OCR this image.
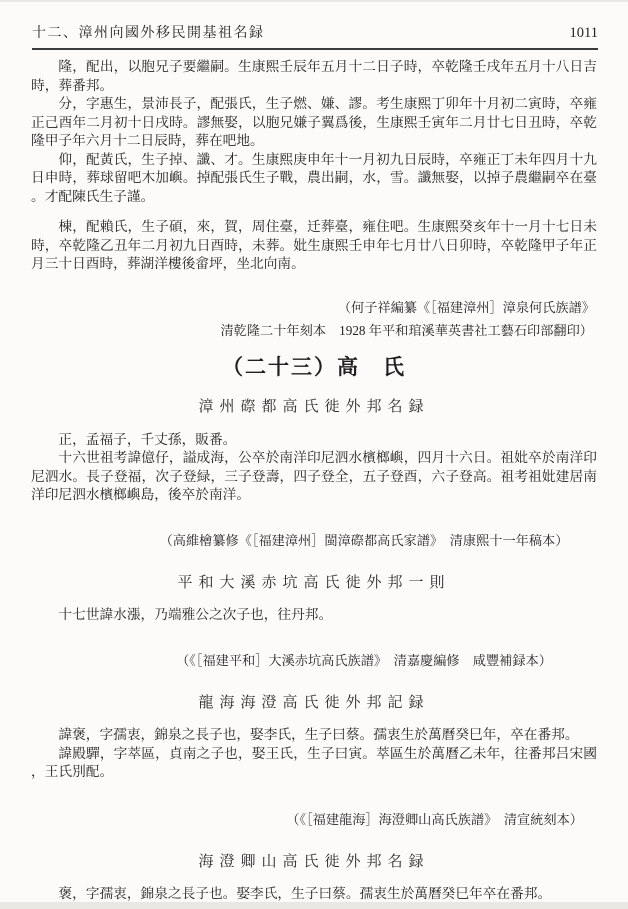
十二、漳州向國外移民開基祖名録	1011
隆，配出，以胞兄子要繼嗣。生康熙壬辰年五月十二日子時，卒乾隆壬戌年五月十八日吉時，葬番邦。
分，字惠生，景沛長子，配張氏，生子燃、嫌、謬。考生康熙丁卯年十月初二寅時，卒雍正己酉年二月初十日戌時。謬無娶，以胞兄嫌子翼爲後，生康熙壬寅年二月廿七日丑時，卒乾隆甲子年六月十二日辰時，葬在吧地。
仰，配黃氏，生子掉、讖、才。生康熙庚申年十一月初九日辰時，卒雍正丁未年四月十九日申時，葬球留吧木加嶼。掉配張氏生子戰，農出嗣，水，雪。讖無娶，以掉子農繼嗣卒在臺。才配陳氏生子謹。
棟，配賴氏，生子碩，來，賀，周住臺，迁葬臺，雍住吧。生康熙癸亥年十一月十七日未時，卒乾隆乙丑年二月初九日酉時，未葬。妣生康熙壬申年七月廿八日卯時，卒乾隆甲子年正月三十日酉時，葬湖洋樓後畲坪，坐北向南。
（何子祥編纂《［福建漳州］漳泉何氏族譜》
清乾隆二十年刻本　1928 年平和琯溪華英書社工藝石印部翻印）
（二十三）高　氏
漳州磜都高氏徙外邦名録
正，孟福子，千丈孫，販番。
十六世祖考諱億仔，謚成海，公卒於南洋印尼泗水檳榔嶼，四月十六日。祖妣卒於南洋印尼泗水。長子登福，次子登緑，三子登壽，四子登全，五子登酉，六子登高。祖考祖妣建居南洋印尼泗水檳榔嶼島，後卒於南洋。
（高維檜纂修《［福建漳州］閩漳磜都高氏家譜》　清康熙十一年稿本）
平和大溪赤坑高氏徙外邦一則
十七世諱水漲，乃端雅公之次子也，往丹邦。
（《［福建平和］大溪赤坑高氏族譜》　清嘉慶編修　咸豐補録本）
龍海海澄高氏徙外邦記録
諱褒，字孺衷，錦泉之長子也，娶李氏，生子曰蔡。孺衷生於萬曆癸巳年，卒在番邦。
諱殿驒，字萃區，貞南之子也，娶王氏，生子曰寅。萃區生於萬曆乙未年，往番邦吕宋國，王氏別配。
（《［福建龍海］海澄卿山高氏族譜》　清宣統刻本）
海澄卿山高氏徙外邦名録
褒，字孺衷，錦泉之長子也。娶李氏，生子曰蔡。孺衷生於萬曆癸巳年卒在番邦。
